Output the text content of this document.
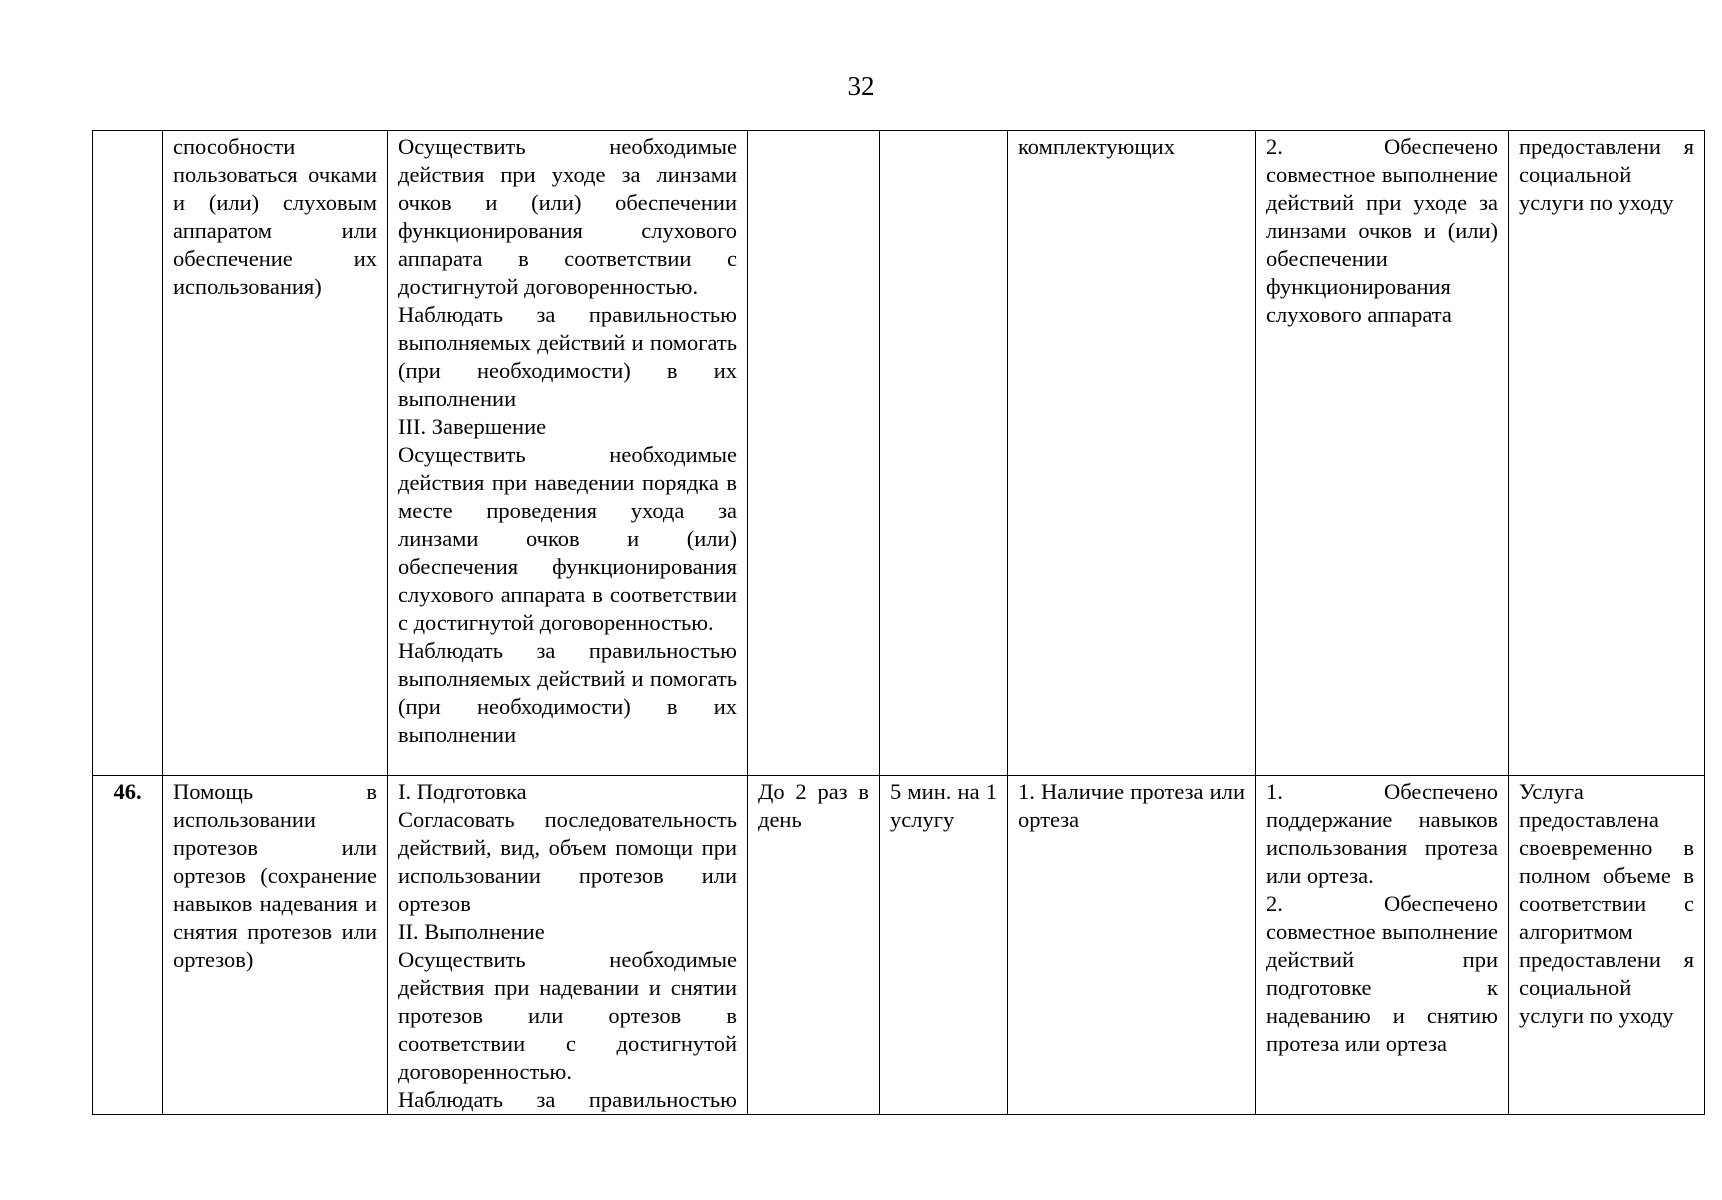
32
	способности пользоваться очками и (или) слуховым аппаратом или обеспечение их использования)	Осуществить необходимые действия при уходе за линзами очков и (или) обеспечении функционирования слухового аппарата в соответствии с достигнутой договоренностью.
Наблюдать за правильностью выполняемых действий и помогать (при необходимости) в их выполнении
III. Завершение
Осуществить необходимые действия при наведении порядка в месте проведения ухода за линзами очков и (или) обеспечения функционирования слухового аппарата в соответствии с достигнутой договоренностью.
Наблюдать за правильностью выполняемых действий и помогать (при необходимости) в их выполнении			комплектующих	2. Обеспечено совместное выполнение действий при уходе за линзами очков и (или) обеспечении функционирования слухового аппарата	предоставлени я социальной услуги по уходу
46.	Помощь в использовании протезов или ортезов (сохранение навыков надевания и снятия протезов или ортезов)	I. Подготовка
Согласовать последовательность действий, вид, объем помощи при использовании протезов или ортезов
II. Выполнение
Осуществить необходимые действия при надевании и снятии протезов или ортезов в соответствии с достигнутой договоренностью.
Наблюдать за правильностью	До 2 раз в день	5 мин. на 1 услугу	1. Наличие протеза или ортеза	1. Обеспечено поддержание навыков использования протеза или ортеза.
2. Обеспечено совместное выполнение действий при подготовке к надеванию и снятию протеза или ортеза	Услуга предоставлена своевременно в полном объеме в соответствии с алгоритмом предоставлени я социальной услуги по уходу
